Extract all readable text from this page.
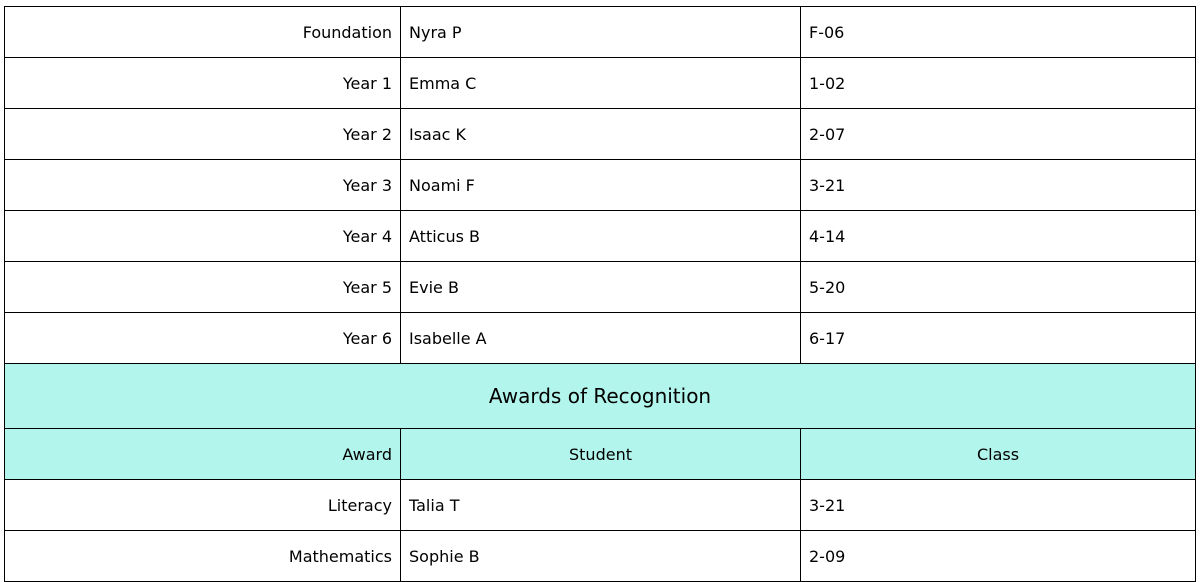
Foundation	Nyra P	F-06
Year 1	Emma C	1-02
Year 2	Isaac K	2-07
Year 3	Noami F	3-21
Year 4	Atticus B	4-14
Year 5	Evie B	5-20
Year 6	Isabelle A	6-17
Awards of Recognition		
Award	Student	Class
Literacy	Talia T	3-21
Mathematics	Sophie B	2-09
